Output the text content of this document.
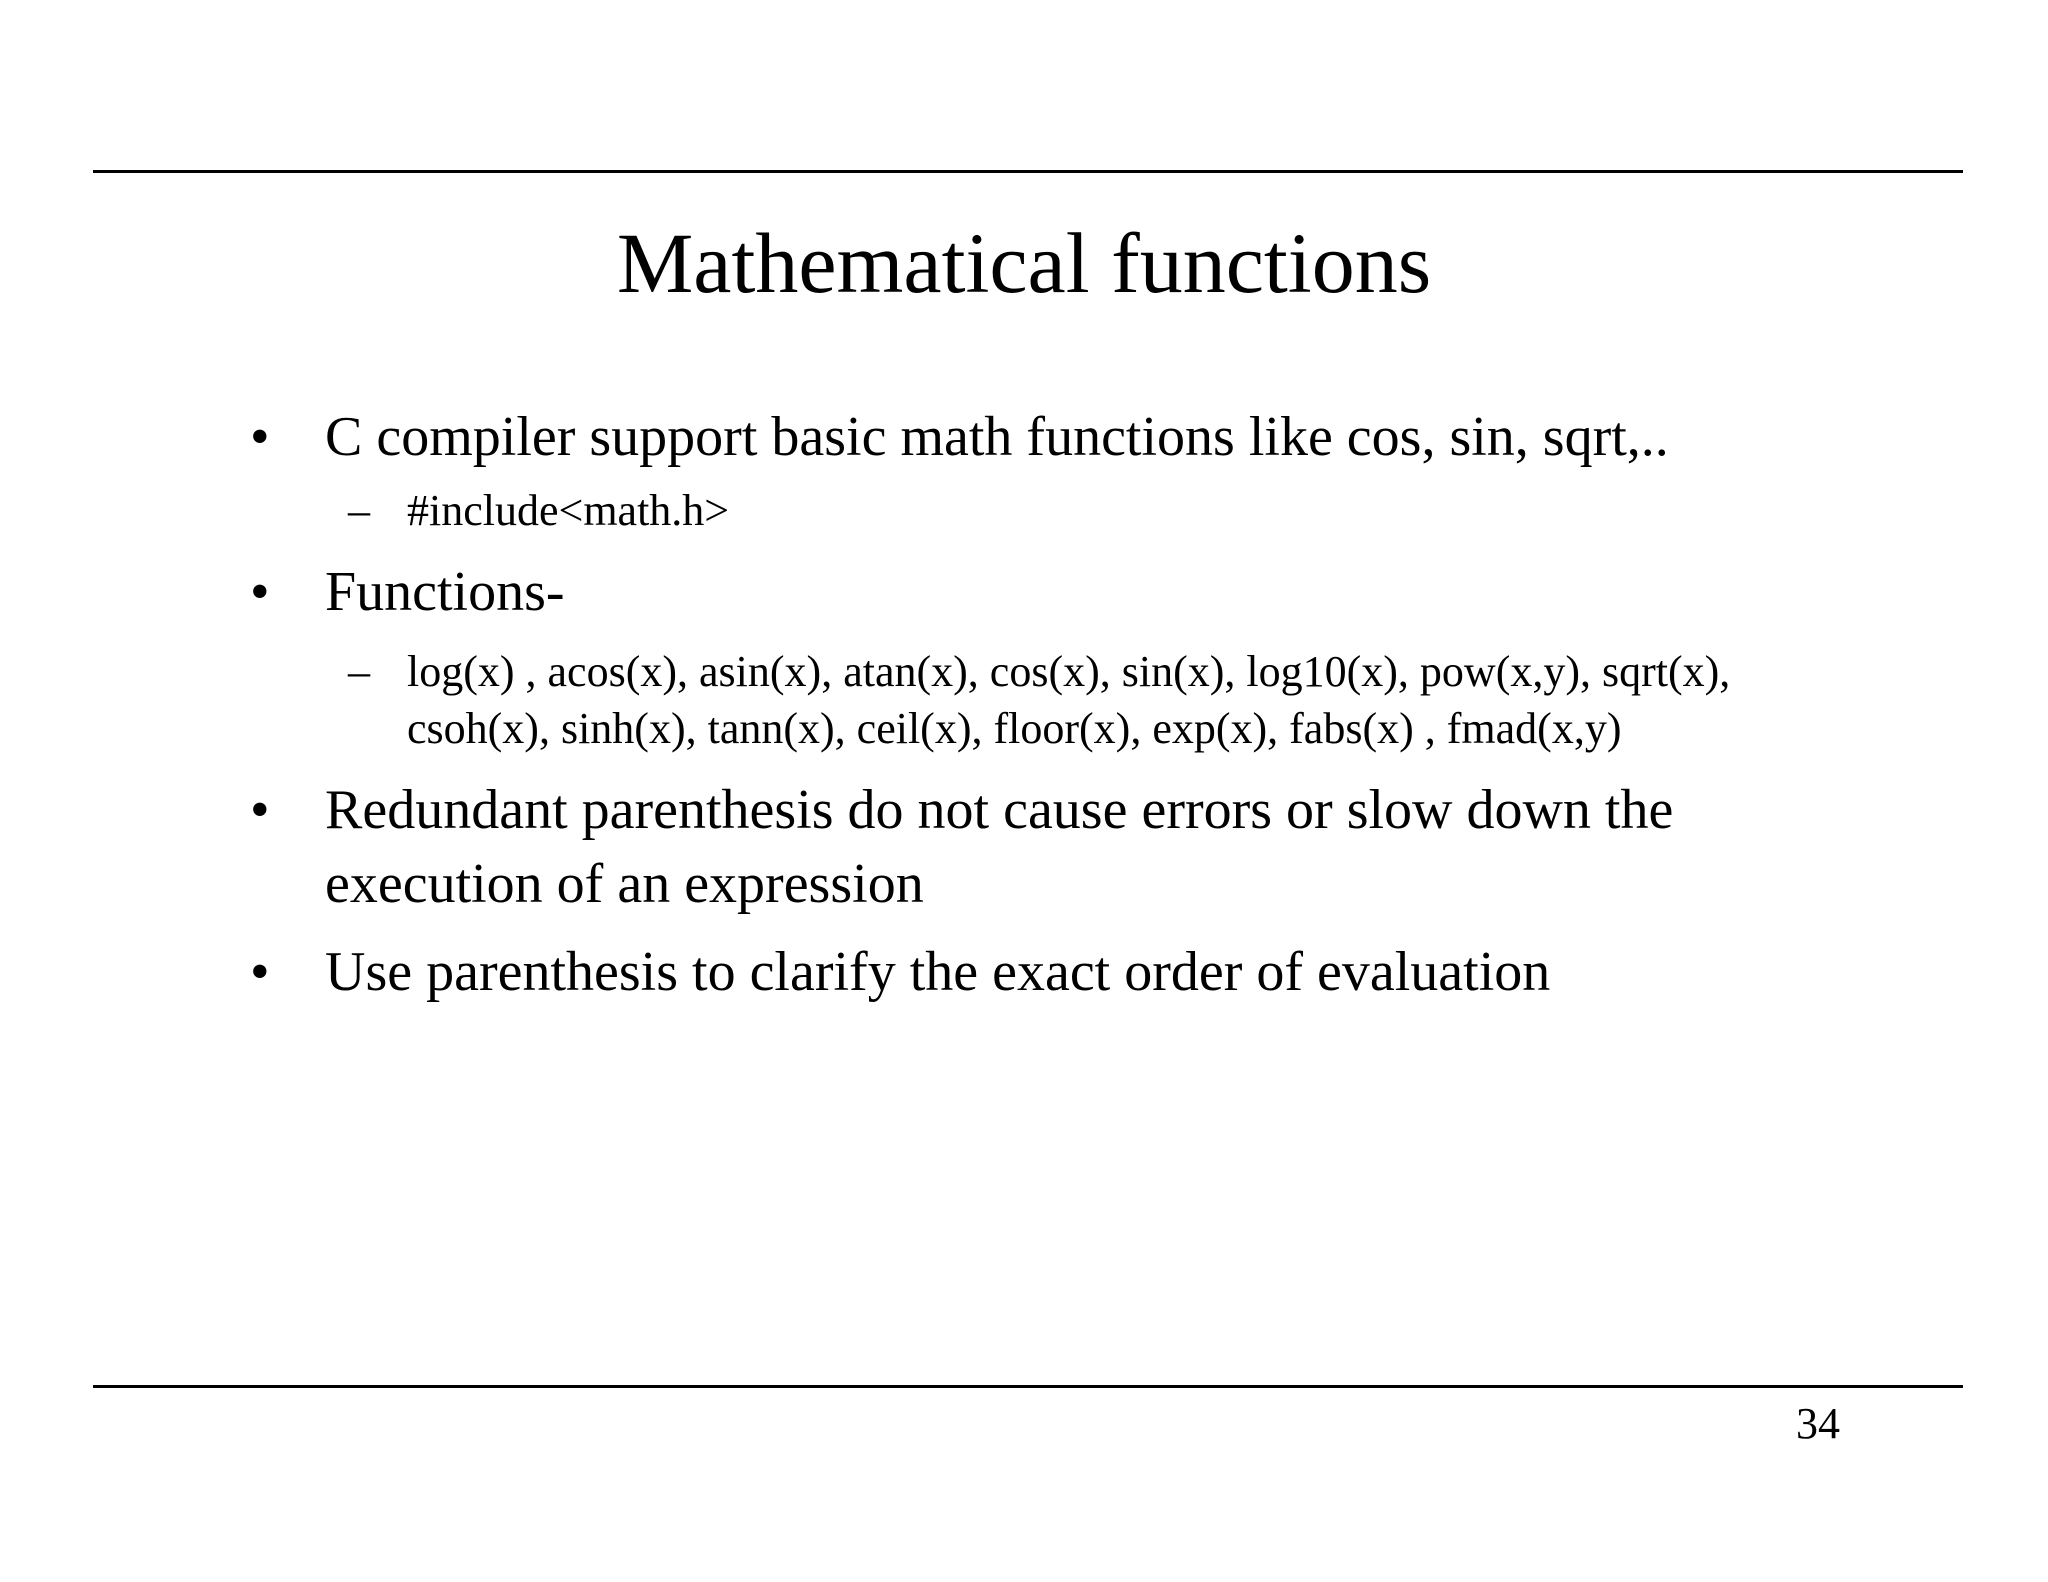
Mathematical functions
• C compiler support basic math functions like cos, sin, sqrt,..
– #include<math.h>
• Functions-
– log(x) , acos(x), asin(x), atan(x), cos(x), sin(x), log10(x), pow(x,y), sqrt(x), csoh(x), sinh(x), tann(x), ceil(x), floor(x), exp(x), fabs(x) , fmad(x,y)
• Redundant parenthesis do not cause errors or slow down the execution of an expression
• Use parenthesis to clarify the exact order of evaluation
34
